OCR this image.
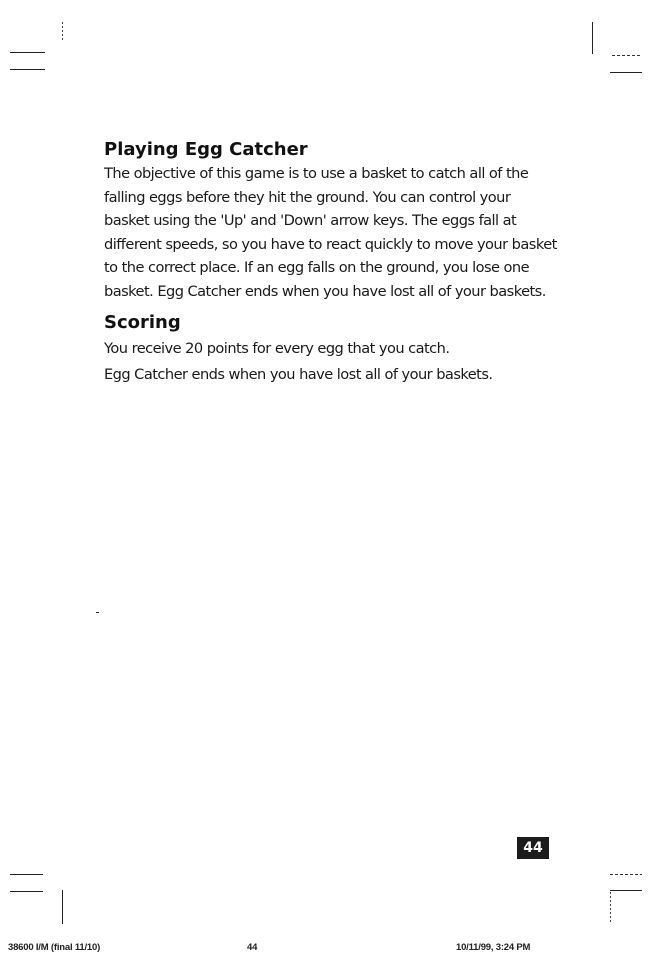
Playing Egg Catcher

The objective of this game is to use a basket to catch all of the falling eggs before they hit the ground. You can control your basket using the 'Up' and 'Down' arrow keys. The eggs fall at different speeds, so you have to react quickly to move your basket to the correct place. If an egg falls on the ground, you lose one basket. Egg Catcher ends when you have lost all of your baskets.

Scoring

You receive 20 points for every egg that you catch.

Egg Catcher ends when you have lost all of your baskets.

44
38600 I/M (final 11/10)	44	10/11/99, 3:24 PM
